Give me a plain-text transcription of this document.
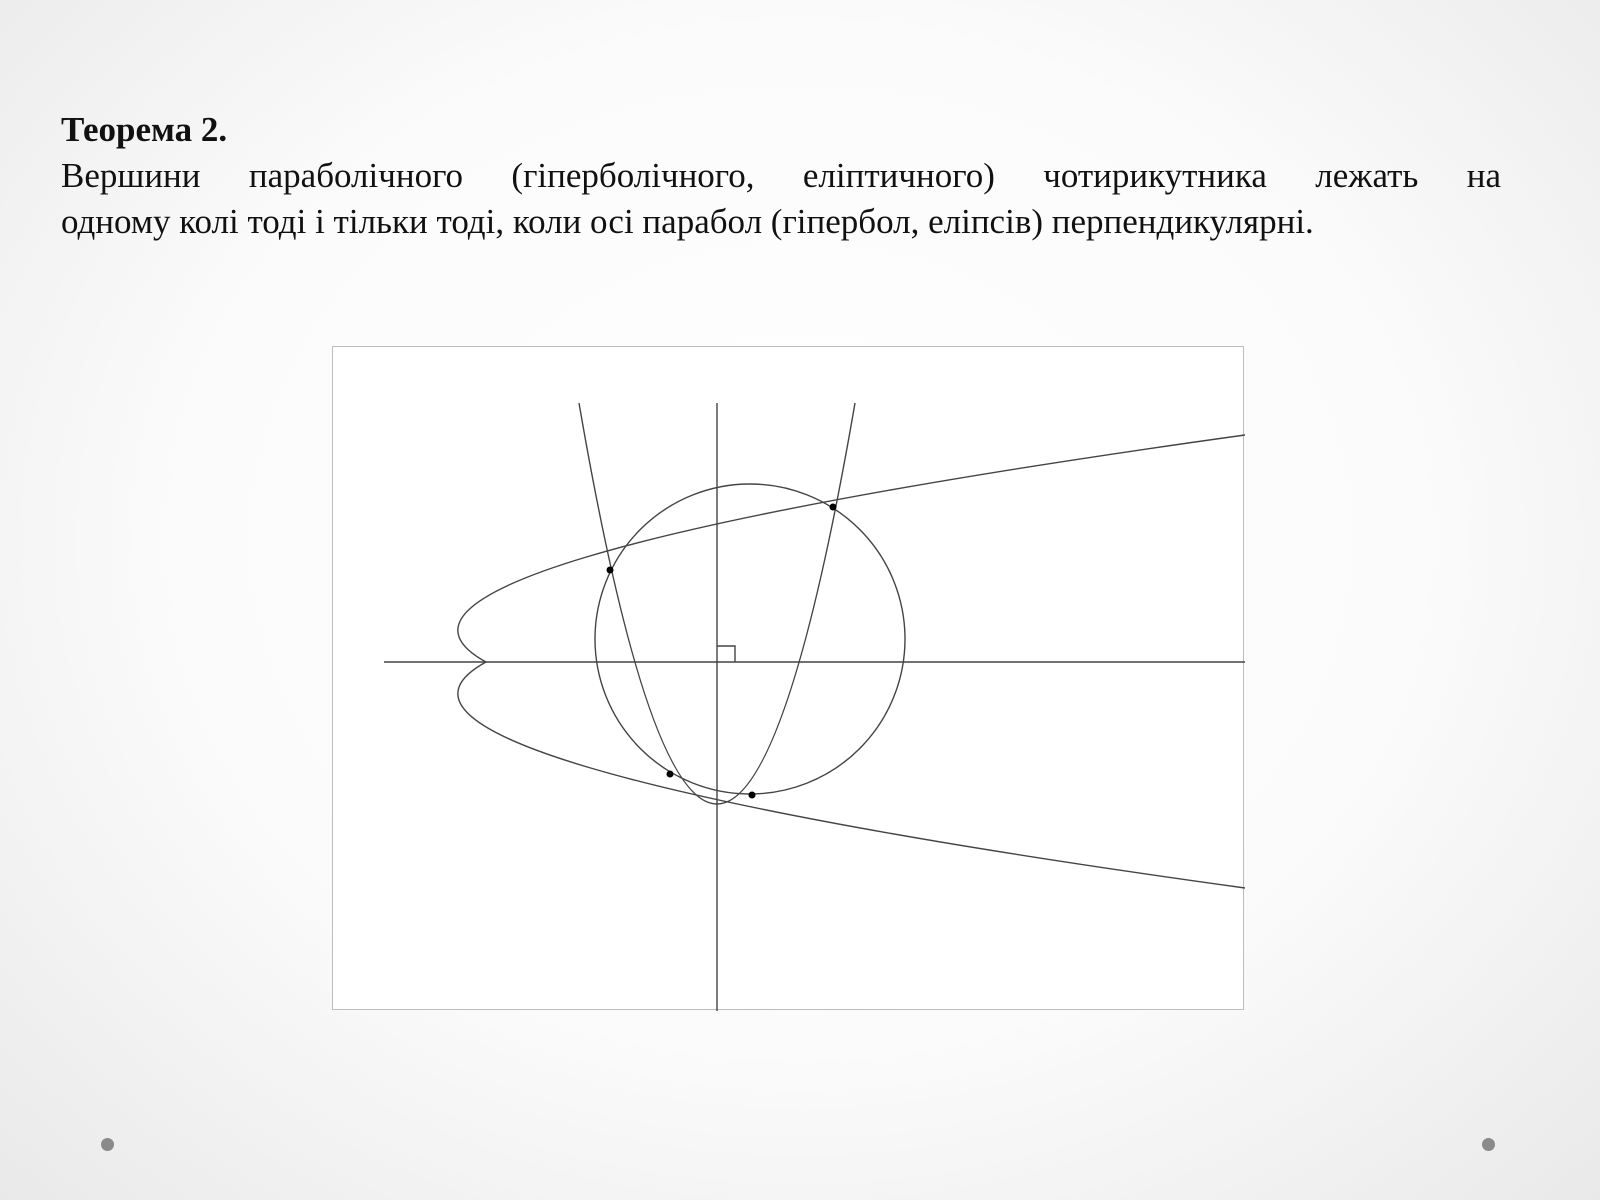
Теорема 2.

Вершини параболічного (гіперболічного, еліптичного) чотирикутника лежать на
одному колі тоді і тільки тоді, коли осі парабол (гіпербол, еліпсів) перпендикулярні.
